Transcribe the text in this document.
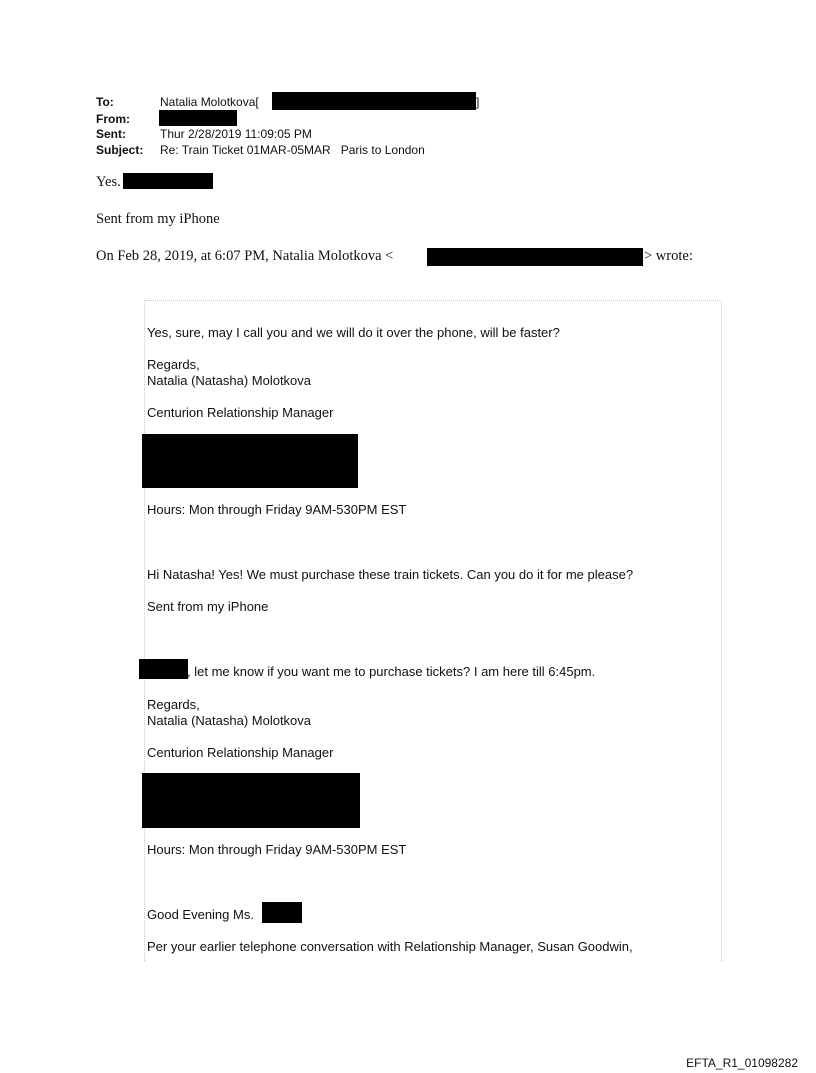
To:	Natalia Molotkova[	]
From:
Sent:	Thur 2/28/2019 11:09:05 PM
Subject: Re: Train Ticket 01MAR-05MAR   Paris to London
Yes.
Sent from my iPhone
On Feb 28, 2019, at 6:07 PM, Natalia Molotkova <	> wrote:
Yes, sure, may I call you and we will do it over the phone, will be faster?
Regards,
Natalia (Natasha) Molotkova
Centurion Relationship Manager
Hours: Mon through Friday 9AM-530PM EST
Hi Natasha! Yes! We must purchase these train tickets. Can you do it for me please?
Sent from my iPhone
, let me know if you want me to purchase tickets? I am here till 6:45pm.
Regards,
Natalia (Natasha) Molotkova
Centurion Relationship Manager
Hours: Mon through Friday 9AM-530PM EST
Good Evening Ms.
Per your earlier telephone conversation with Relationship Manager, Susan Goodwin,
EFTA_R1_01098282
